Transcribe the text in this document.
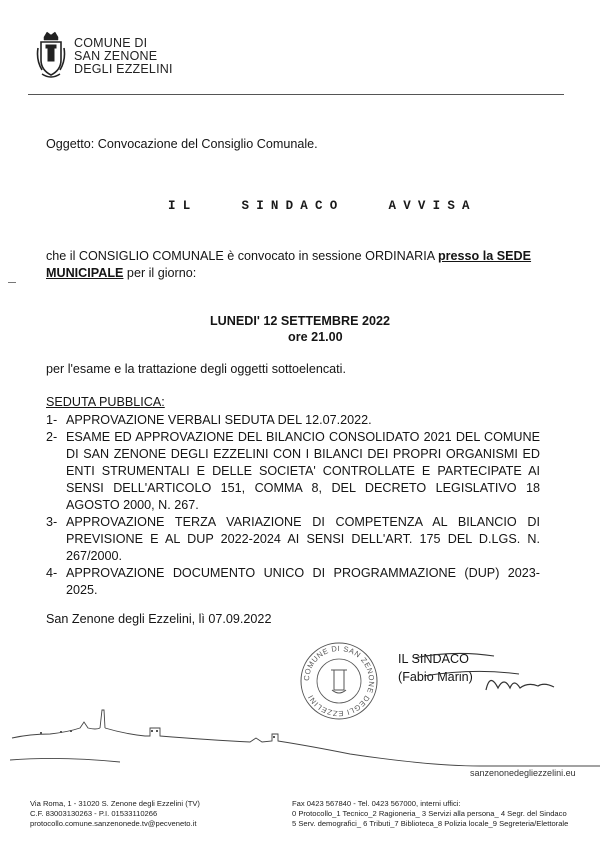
COMUNE DI
SAN ZENONE
DEGLI EZZELINI
Oggetto: Convocazione del Consiglio Comunale.
IL   SINDACO   AVVISA
che il CONSIGLIO COMUNALE è convocato in sessione ORDINARIA presso la SEDE MUNICIPALE per il giorno:
LUNEDI' 12 SETTEMBRE 2022
ore 21.00
per l'esame e la trattazione degli oggetti sottoelencati.
SEDUTA PUBBLICA:
1- APPROVAZIONE VERBALI SEDUTA DEL 12.07.2022.
2- ESAME ED APPROVAZIONE DEL BILANCIO CONSOLIDATO 2021 DEL COMUNE DI SAN ZENONE DEGLI EZZELINI CON I BILANCI DEI PROPRI ORGANISMI ED ENTI STRUMENTALI E DELLE SOCIETA' CONTROLLATE E PARTECIPATE AI SENSI DELL'ARTICOLO 151, COMMA 8, DEL DECRETO LEGISLATIVO 18 AGOSTO 2000, N. 267.
3- APPROVAZIONE TERZA VARIAZIONE DI COMPETENZA AL BILANCIO DI PREVISIONE E AL DUP 2022-2024 AI SENSI DELL'ART. 175 DEL D.LGS. N. 267/2000.
4- APPROVAZIONE DOCUMENTO UNICO DI PROGRAMMAZIONE (DUP) 2023-2025.
San Zenone degli Ezzelini, lì 07.09.2022
COMUNE DI SAN ZENONE DEGLI EZZELINI
IL SINDACO
(Fabio Marin)
sanzenonedegliezzelini.eu
Via Roma, 1 - 31020 S. Zenone degli Ezzelini (TV)
C.F. 83003130263 - P.I. 01533110266
protocollo.comune.sanzenonede.tv@pecveneto.it
Fax 0423 567840 - Tel. 0423 567000, interni uffici:
0 Protocollo_1 Tecnico_2 Ragioneria_ 3 Servizi alla persona_ 4 Segr. del Sindaco
5 Serv. demografici_ 6 Tributi_7 Biblioteca_8 Polizia locale_9 Segreteria/Elettorale
